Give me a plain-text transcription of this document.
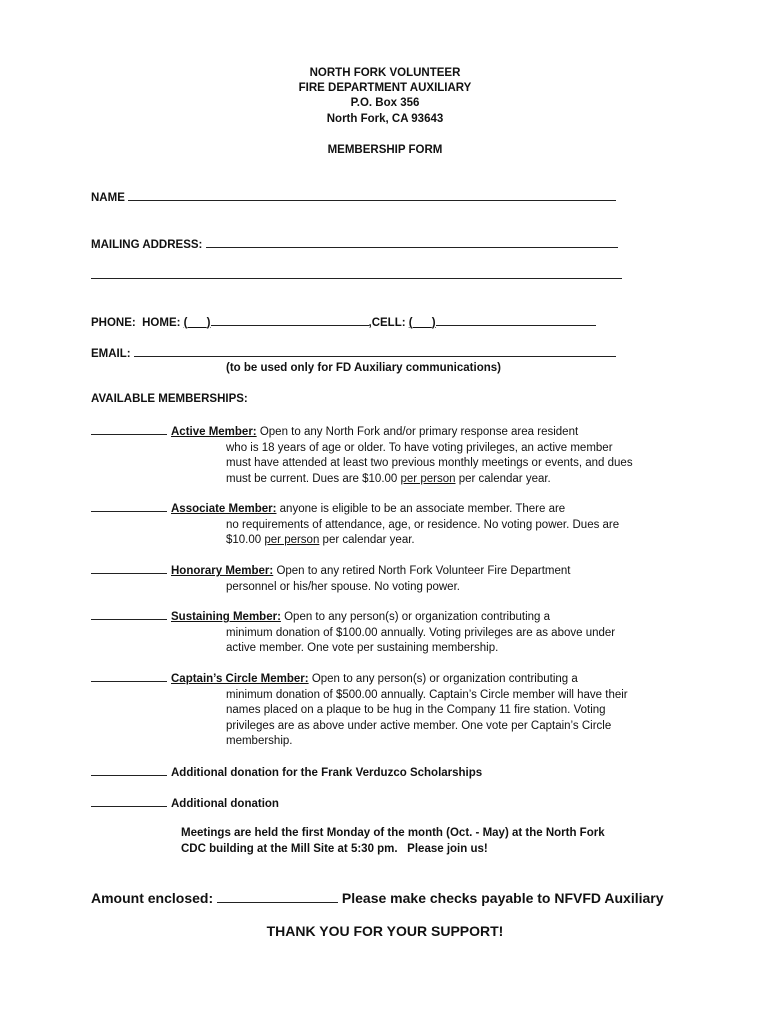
NORTH FORK VOLUNTEER
FIRE DEPARTMENT AUXILIARY
P.O. Box 356
North Fork, CA 93643
MEMBERSHIP FORM
NAME
MAILING ADDRESS:
PHONE:  HOME: ( )	,CELL: ( )
EMAIL:
(to be used only for FD Auxiliary communications)
AVAILABLE MEMBERSHIPS:
Active Member: Open to any North Fork and/or primary response area resident
who is 18 years of age or older. To have voting privileges, an active member
must have attended at least two previous monthly meetings or events, and dues
must be current. Dues are $10.00 per person per calendar year.
Associate Member: anyone is eligible to be an associate member. There are
no requirements of attendance, age, or residence. No voting power. Dues are
$10.00 per person per calendar year.
Honorary Member: Open to any retired North Fork Volunteer Fire Department
personnel or his/her spouse. No voting power.
Sustaining Member: Open to any person(s) or organization contributing a
minimum donation of $100.00 annually. Voting privileges are as above under
active member. One vote per sustaining membership.
Captain’s Circle Member: Open to any person(s) or organization contributing a
minimum donation of $500.00 annually. Captain’s Circle member will have their
names placed on a plaque to be hug in the Company 11 fire station. Voting
privileges are as above under active member. One vote per Captain’s Circle
membership.
Additional donation for the Frank Verduzco Scholarships
Additional donation
Meetings are held the first Monday of the month (Oct. - May) at the North Fork
CDC building at the Mill Site at 5:30 pm.   Please join us!
Amount enclosed:	Please make checks payable to NFVFD Auxiliary
THANK YOU FOR YOUR SUPPORT!
